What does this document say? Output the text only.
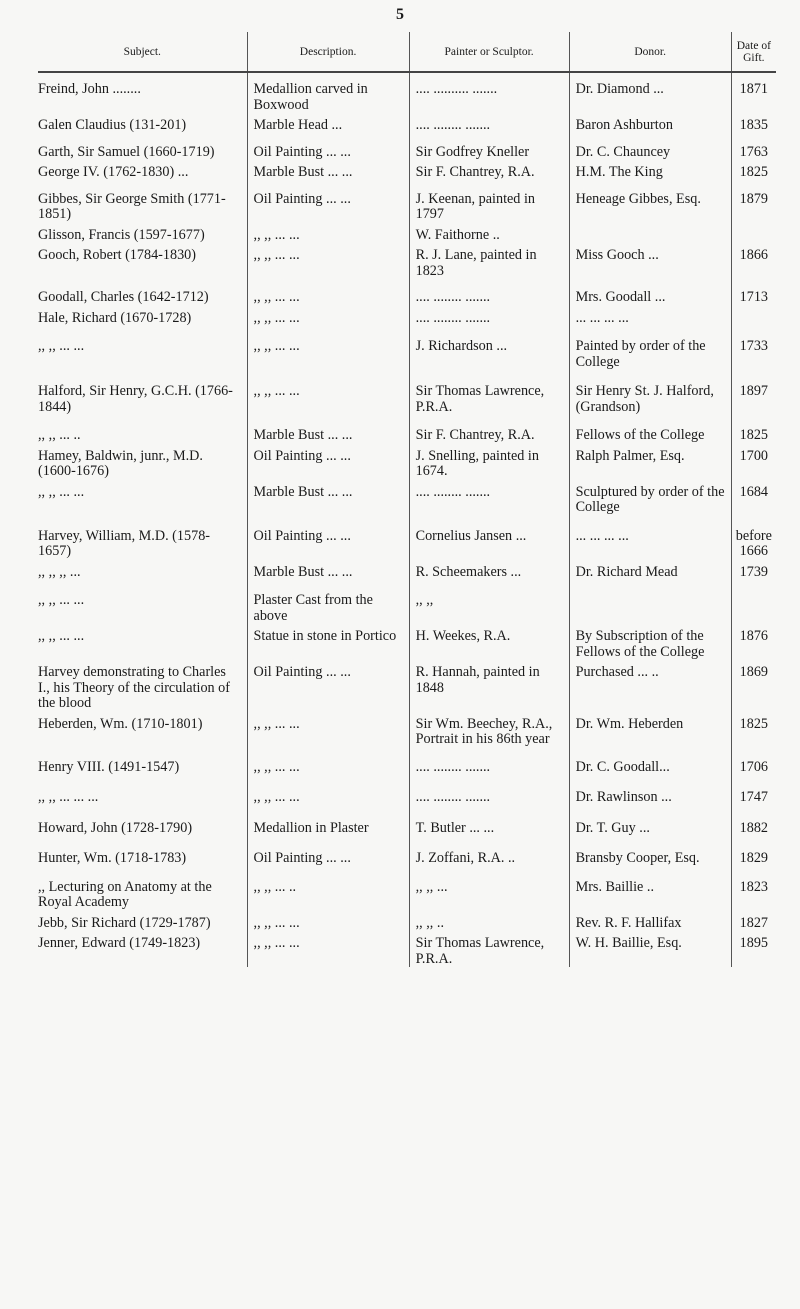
5
Subject.	Description.	Painter or Sculptor.	Donor.	Date of Gift.

Freind, John ........	Medallion carved in Boxwood	.... .......... .......	Dr. Diamond ...	1871

Galen Claudius (131-201)	Marble Head ...	.... ........ .......	Baron Ashburton	1835

Garth, Sir Samuel (1660-1719)	Oil Painting ... ...	Sir Godfrey Kneller	Dr. C. Chauncey	1763

George IV. (1762-1830) ...	Marble Bust ... ...	Sir F. Chantrey, R.A.	H.M. The King	1825

Gibbes, Sir George Smith (1771-1851)	Oil Painting ... ...	J. Keenan, painted in 1797	Heneage Gibbes, Esq.	1879

Glisson, Francis (1597-1677)	,, ,, ... ...	W. Faithorne ..		

Gooch, Robert (1784-1830)	,, ,, ... ...	R. J. Lane, painted in 1823	Miss Gooch ...	1866

Goodall, Charles (1642-1712)	,, ,, ... ...	.... ........ .......	Mrs. Goodall ...	1713

Hale, Richard (1670-1728)	,, ,, ... ...	.... ........ .......	... ... ... ...	

,, ,, ... ...	,, ,, ... ...	J. Richardson ...	Painted by order of the College	1733

Halford, Sir Henry, G.C.H. (1766-1844)	,, ,, ... ...	Sir Thomas Lawrence, P.R.A.	Sir Henry St. J. Halford, (Grandson)	1897

,, ,, ... ..	Marble Bust ... ...	Sir F. Chantrey, R.A.	Fellows of the College	1825

Hamey, Baldwin, junr., M.D. (1600-1676)	Oil Painting ... ...	J. Snelling, painted in 1674.	Ralph Palmer, Esq.	1700

,, ,, ... ...	Marble Bust ... ...	.... ........ .......	Sculptured by order of the College	1684

Harvey, William, M.D. (1578-1657)	Oil Painting ... ...	Cornelius Jansen ...	... ... ... ...	before 1666

,, ,, ,, ...	Marble Bust ... ...	R. Scheemakers ...	Dr. Richard Mead	1739

,, ,, ... ...	Plaster Cast from the above	,, ,,		

,, ,, ... ...	Statue in stone in Portico	H. Weekes, R.A.	By Subscription of the Fellows of the College	1876

Harvey demonstrating to Charles I., his Theory of the circulation of the blood	Oil Painting ... ...	R. Hannah, painted in 1848	Purchased ... ..	1869

Heberden, Wm. (1710-1801)	,, ,, ... ...	Sir Wm. Beechey, R.A., Portrait in his 86th year	Dr. Wm. Heberden	1825

Henry VIII. (1491-1547)	,, ,, ... ...	.... ........ .......	Dr. C. Goodall...	1706

,, ,, ... ... ...	,, ,, ... ...	.... ........ .......	Dr. Rawlinson ...	1747

Howard, John (1728-1790)	Medallion in Plaster	T. Butler ... ...	Dr. T. Guy ...	1882

Hunter, Wm. (1718-1783)	Oil Painting ... ...	J. Zoffani, R.A. ..	Bransby Cooper, Esq.	1829

,, Lecturing on Anatomy at the Royal Academy	,, ,, ... ..	,, ,, ...	Mrs. Baillie ..	1823

Jebb, Sir Richard (1729-1787)	,, ,, ... ...	,, ,, ..	Rev. R. F. Hallifax	1827

Jenner, Edward (1749-1823)	,, ,, ... ...	Sir Thomas Lawrence, P.R.A.	W. H. Baillie, Esq.	1895
